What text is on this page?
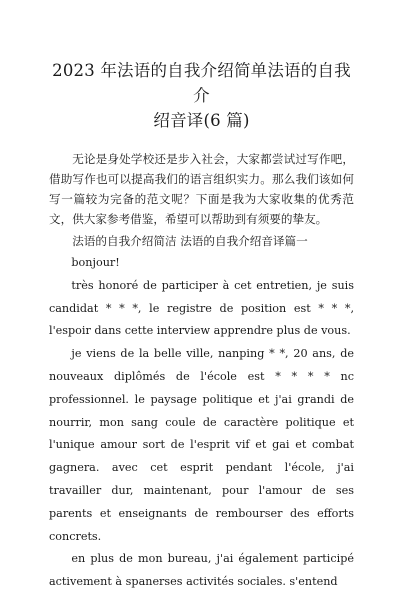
2023 年法语的自我介绍简单法语的自我介
绍音译(6 篇)

无论是身处学校还是步入社会，大家都尝试过写作吧，借助写作也可以提高我们的语言组织实力。那么我们该如何写一篇较为完备的范文呢？下面是我为大家收集的优秀范文，供大家参考借鉴，希望可以帮助到有须要的挚友。

法语的自我介绍简洁 法语的自我介绍音译篇一

bonjour!

très honoré de participer à cet entretien, je suis candidat * * *, le registre de position est * * *, l'espoir dans cette interview apprendre plus de vous.

je viens de la belle ville, nanping * *, 20 ans, de nouveaux diplômés de l'école est * * * * nc professionnel. le paysage politique et j'ai grandi de nourrir, mon sang coule de caractère politique et l'unique amour sort de l'esprit vif et gai et combat gagnera. avec cet esprit pendant l'école, j'ai travailler dur, maintenant, pour l'amour de ses parents et enseignants de rembourser des efforts concrets.

en plus de mon bureau, j'ai également participé activement à spanerses activités sociales. s'entend
